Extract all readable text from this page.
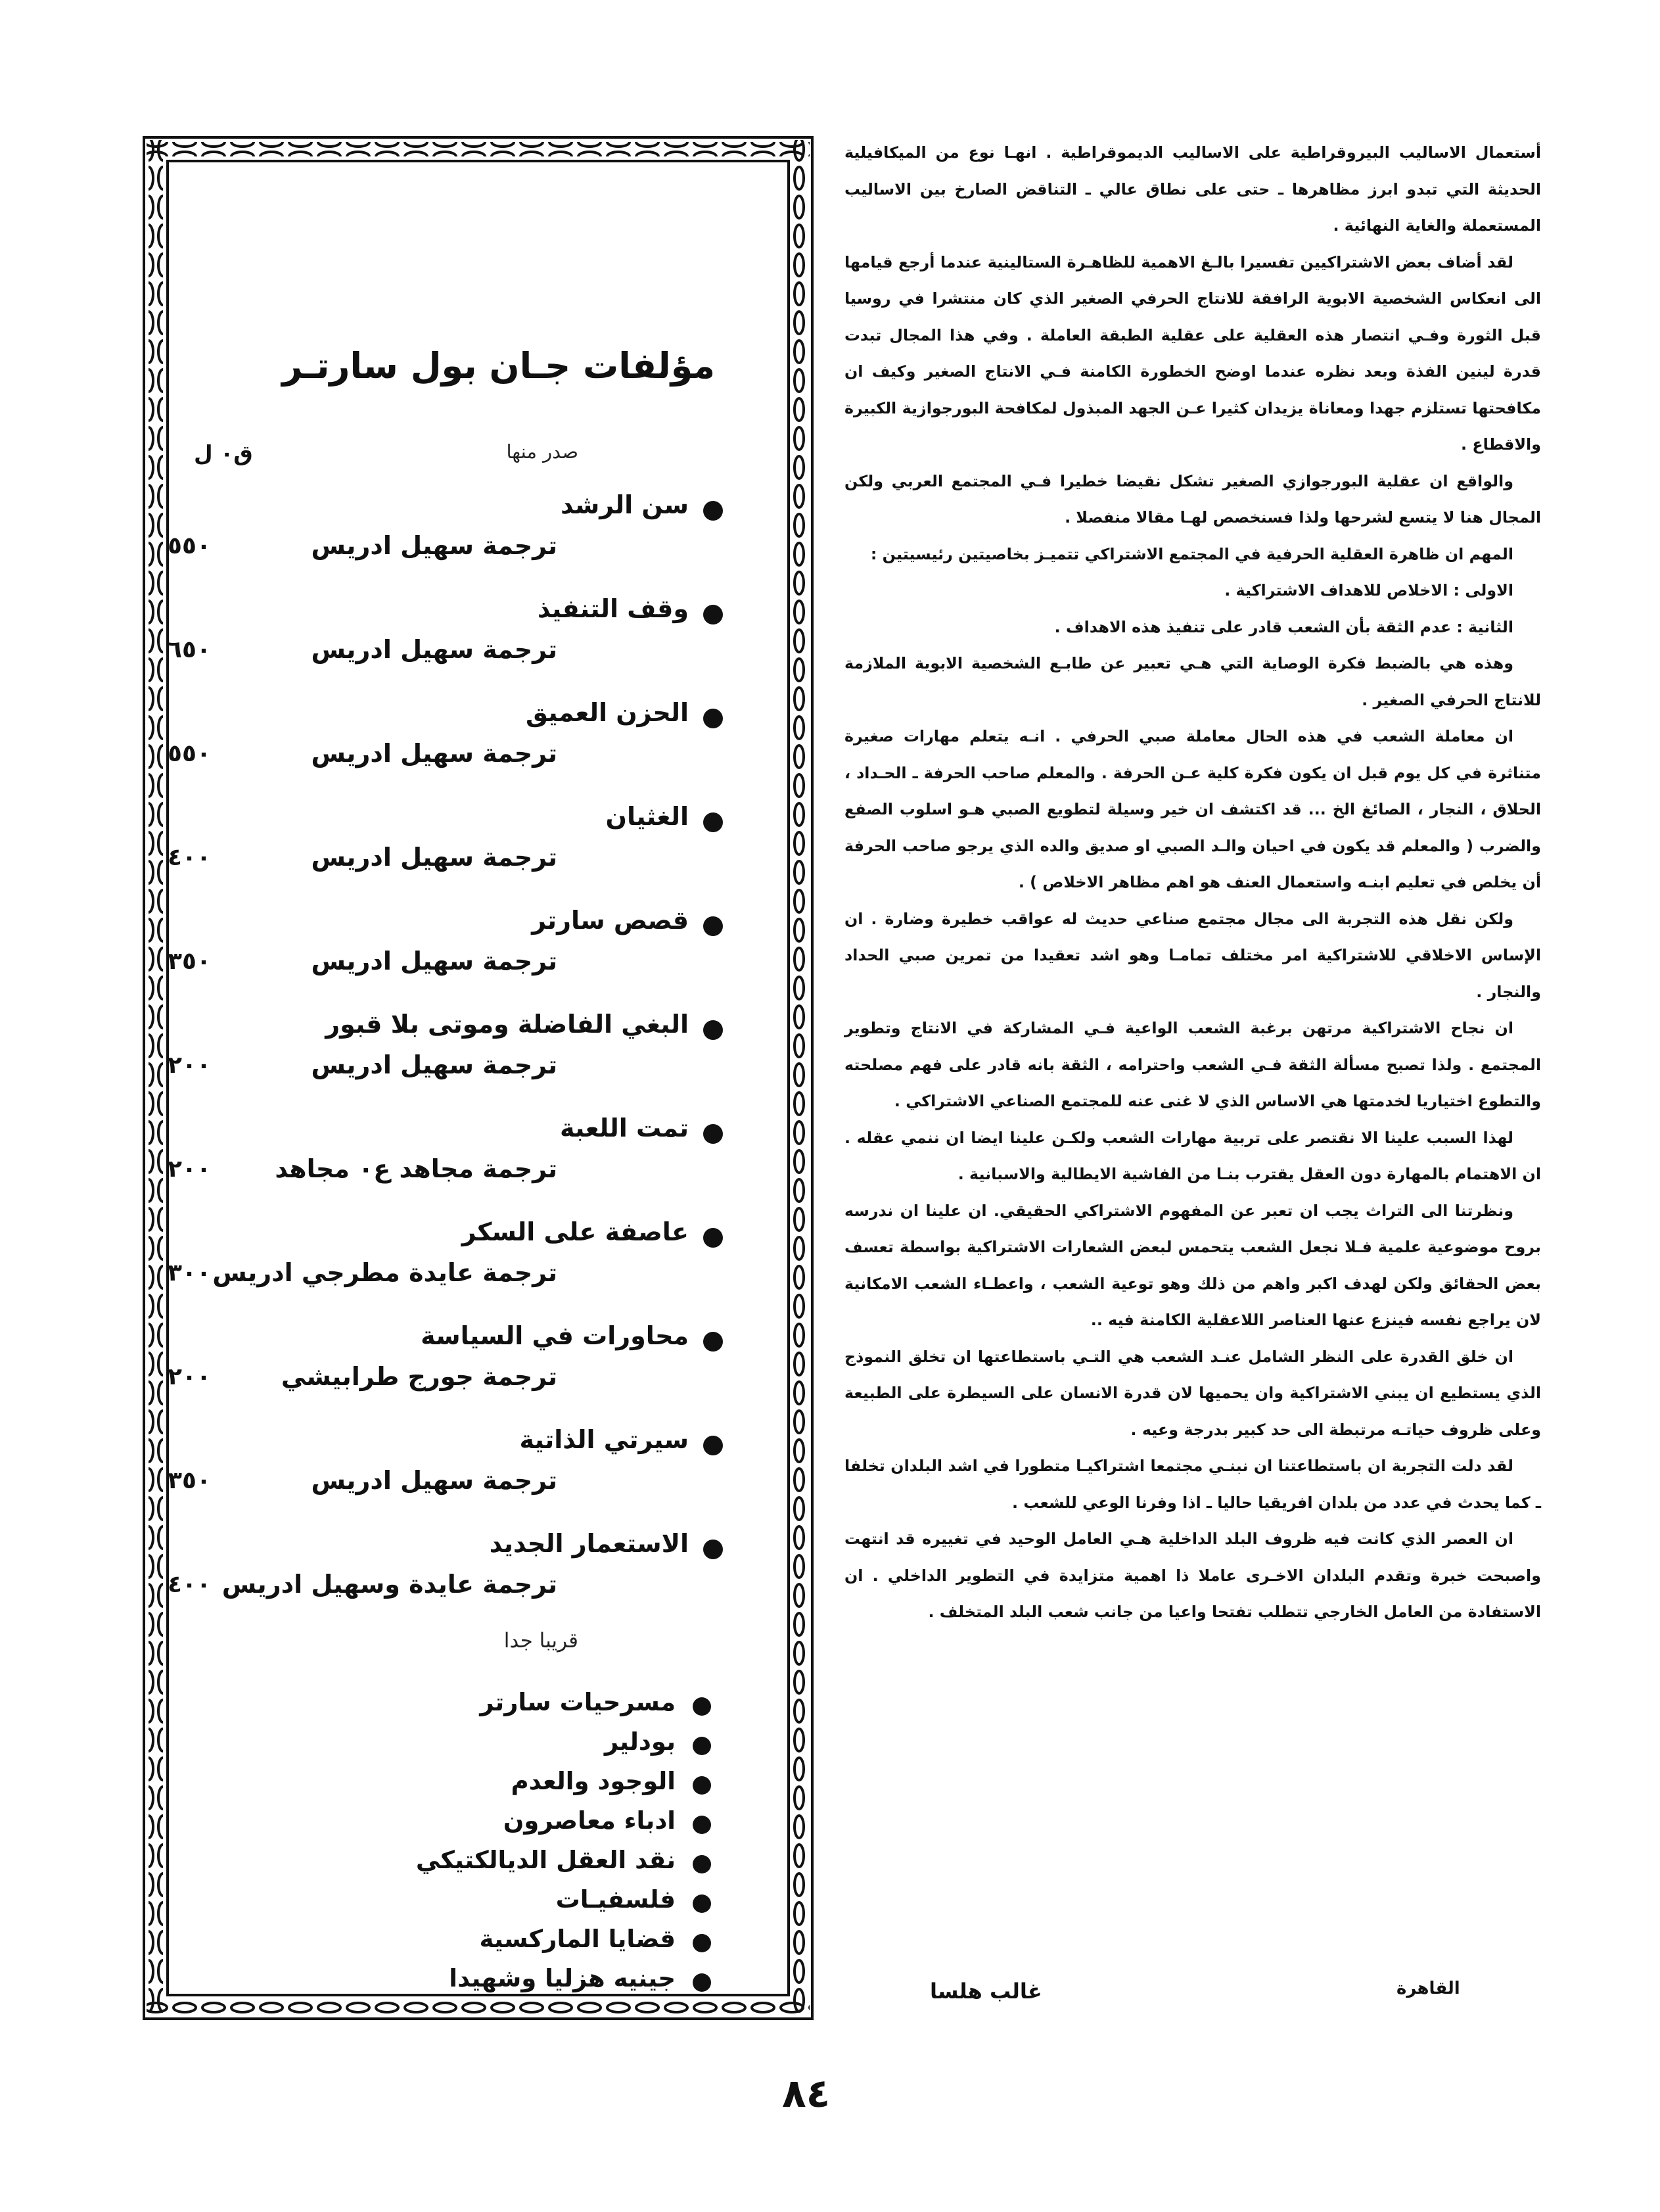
أستعمال الاساليب البيروقراطية على الاساليب الديموقراطية . انهـا نوع من الميكافيلية الحديثة التي تبدو ابرز مظاهرها ـ حتى على نطاق عالي ـ التناقض الصارخ بين الاساليب المستعملة والغاية النهائية .

لقد أضاف بعض الاشتراكيين تفسيرا بالـغ الاهمية للظاهـرة الستالينية عندما أرجع قيامها الى انعكاس الشخصية الابوية الرافقة للانتاج الحرفي الصغير الذي كان منتشرا في روسيا قبل الثورة وفـي انتصار هذه العقلية على عقلية الطبقة العاملة . وفي هذا المجال تبدت قدرة لينين الفذة وبعد نظره عندما اوضح الخطورة الكامنة فـي الانتاج الصغير وكيف ان مكافحتها تستلزم جهدا ومعاناة يزيدان كثيرا عـن الجهد المبذول لمكافحة البورجوازية الكبيرة والاقطاع .

والواقع ان عقلية البورجوازي الصغير تشكل نقيضا خطيرا فـي المجتمع العربي ولكن المجال هنا لا يتسع لشرحها ولذا فسنخصص لهـا مقالا منفصلا .

المهم ان ظاهرة العقلية الحرفية في المجتمع الاشتراكي تتميـز بخاصيتين رئيسيتين :

الاولى : الاخلاص للاهداف الاشتراكية .

الثانية : عدم الثقة بأن الشعب قادر على تنفيذ هذه الاهداف .

وهذه هي بالضبط فكرة الوصاية التي هـي تعبير عن طابـع الشخصية الابوية الملازمة للانتاج الحرفي الصغير .

ان معاملة الشعب في هذه الحال معاملة صبي الحرفي . انـه يتعلم مهارات صغيرة متناثرة في كل يوم قبل ان يكون فكرة كلية عـن الحرفة . والمعلم صاحب الحرفة ـ الحـداد ، الحلاق ، النجار ، الصائغ الخ ... قد اكتشف ان خير وسيلة لتطويع الصبي هـو اسلوب الصفع والضرب ( والمعلم قد يكون في احيان والـد الصبي او صديق والده الذي يرجو صاحب الحرفة أن يخلص في تعليم ابنـه واستعمال العنف هو اهم مظاهر الاخلاص ) .

ولكن نقل هذه التجربة الى مجال مجتمع صناعي حديث له عواقب خطيرة وضارة . ان الإساس الاخلاقي للاشتراكية امر مختلف تمامـا وهو اشد تعقيدا من تمرين صبي الحداد والنجار .

ان نجاح الاشتراكية مرتهن برغبة الشعب الواعية فـي المشاركة في الانتاج وتطوير المجتمع . ولذا تصبح مسألة الثقة فـي الشعب واحترامه ، الثقة بانه قادر على فهم مصلحته والتطوع اختياريا لخدمتها هي الاساس الذي لا غنى عنه للمجتمع الصناعي الاشتراكي .

لهذا السبب علينا الا نقتصر على تربية مهارات الشعب ولكـن علينا ايضا ان ننمي عقله . ان الاهتمام بالمهارة دون العقل يقترب بنـا من الفاشية الايطالية والاسبانية .

ونظرتنا الى التراث يجب ان تعبر عن المفهوم الاشتراكي الحقيقي. ان علينا ان ندرسه بروح موضوعية علمية فـلا نجعل الشعب يتحمس لبعض الشعارات الاشتراكية بواسطة تعسف بعض الحقائق ولكن لهدف اكبر واهم من ذلك وهو توعية الشعب ، واعطـاء الشعب الامكانية لان يراجع نفسه فينزع عنها العناصر اللاعقلية الكامنة فيه ..

ان خلق القدرة على النظر الشامل عنـد الشعب هي التـي باستطاعتها ان تخلق النموذج الذي يستطيع ان يبني الاشتراكية وان يحميها لان قدرة الانسان على السيطرة على الطبيعة وعلى ظروف حياتـه مرتبطة الى حد كبير بدرجة وعيه .

لقد دلت التجربة ان باستطاعتنا ان نبنـي مجتمعا اشتراكيـا متطورا في اشد البلدان تخلفا ـ كما يحدث في عدد من بلدان افريقيا حاليا ـ اذا وفرنا الوعي للشعب .

ان العصر الذي كانت فيه ظروف البلد الداخلية هـي العامل الوحيد في تغييره قد انتهت واصبحت خبرة وتقدم البلدان الاخـرى عاملا ذا اهمية متزايدة في التطوير الداخلي . ان الاستفادة من العامل الخارجي تتطلب تفتحا واعيا من جانب شعب البلد المتخلف .

القاهرة
غالب هلسا
مؤلفات جـان بول سارتـر
صدر منها
ق٠ ل
سن الرشد
ترجمة سهيل ادريس
٥٥٠
وقف التنفيذ
ترجمة سهيل ادريس
٦٥٠
الحزن العميق
ترجمة سهيل ادريس
٥٥٠
الغثيان
ترجمة سهيل ادريس
٤٠٠
قصص سارتر
ترجمة سهيل ادريس
٣٥٠
البغي الفاضلة وموتى بلا قبور
ترجمة سهيل ادريس
٢٠٠
تمت اللعبة
ترجمة مجاهد ع٠ مجاهد
٢٠٠
عاصفة على السكر
ترجمة عايدة مطرجي ادريس
٣٠٠
محاورات في السياسة
ترجمة جورج طرابيشي
٢٠٠
سيرتي الذاتية
ترجمة سهيل ادريس
٣٥٠
الاستعمار الجديد
ترجمة عايدة وسهيل ادريس
٤٠٠
قريبا جدا
مسرحيات سارتر
بودلير
الوجود والعدم
ادباء معاصرون
نقد العقل الديالكتيكي
فلسفيـات
قضايا الماركسية
جينيه هزليا وشهيدا
٨٤
